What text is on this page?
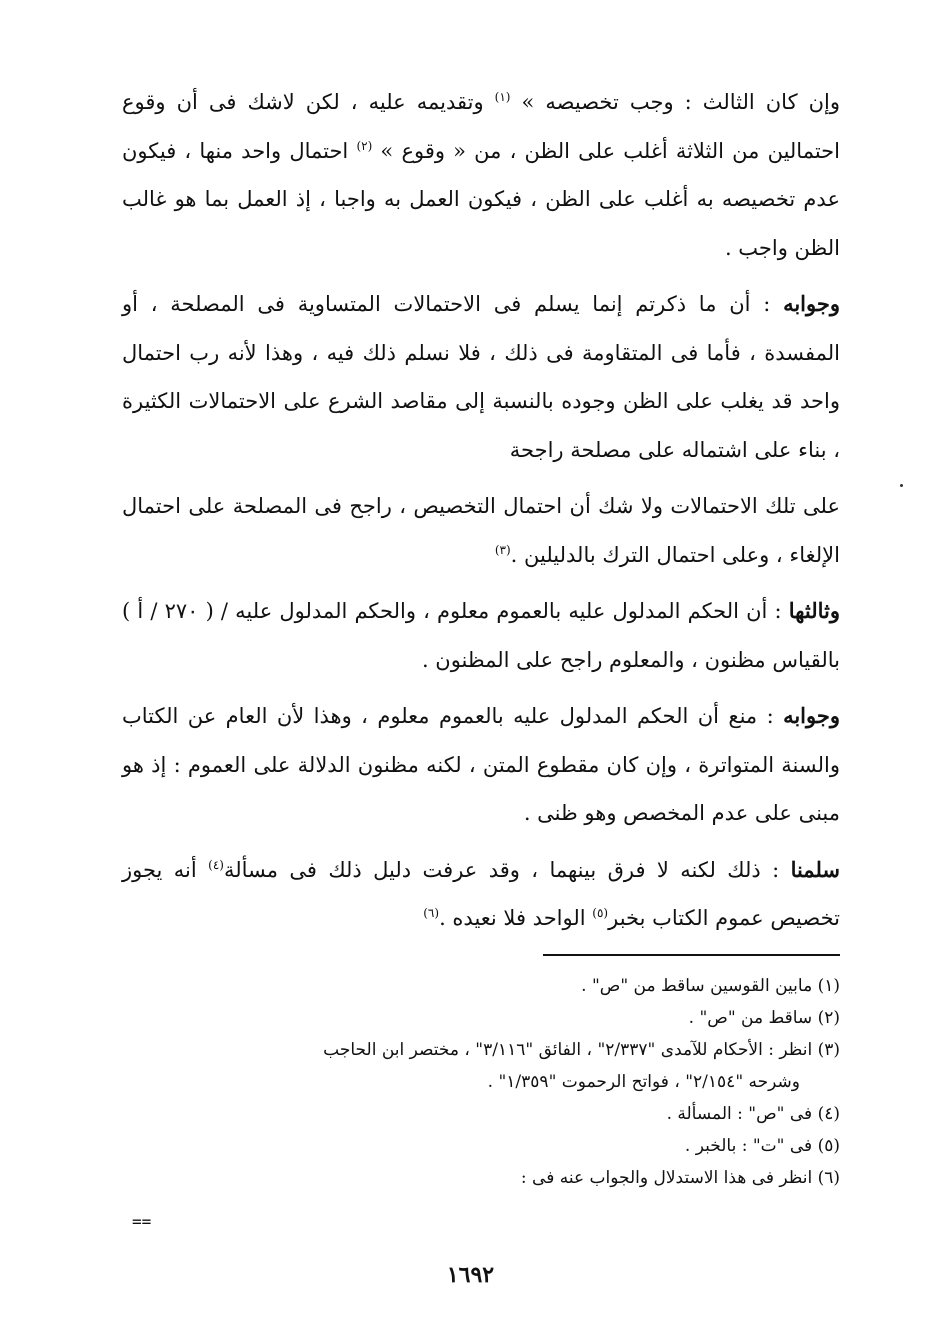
وإن كان الثالث : وجب تخصيصه » $^{(١)}$ وتقديمه عليه ، لكن لاشك فى أن وقوع احتمالين من الثلاثة أغلب على الظن ، من « وقوع » $^{(٢)}$ احتمال واحد منها ، فيكون عدم تخصيصه به أغلب على الظن ، فيكون العمل به واجبا ، إذ العمل بما هو غالب الظن واجب .

وجوابه : أن ما ذكرتم إنما يسلم فى الاحتمالات المتساوية فى المصلحة ، أو المفسدة ، فأما فى المتقاومة فى ذلك ، فلا نسلم ذلك فيه ، وهذا لأنه رب احتمال واحد قد يغلب على الظن وجوده بالنسبة إلى مقاصد الشرع على الاحتمالات الكثيرة ، بناء على اشتماله على مصلحة راجحة

على تلك الاحتمالات ولا شك أن احتمال التخصيص ، راجح فى المصلحة على احتمال الإلغاء ، وعلى احتمال الترك بالدليلين .$^{(٣)}$

وثالثها : أن الحكم المدلول عليه بالعموم معلوم ، والحكم المدلول عليه / ( ٢٧٠ / أ ) بالقياس مظنون ، والمعلوم راجح على المظنون .

وجوابه : منع أن الحكم المدلول عليه بالعموم معلوم ، وهذا لأن العام عن الكتاب والسنة المتواترة ، وإن كان مقطوع المتن ، لكنه مظنون الدلالة على العموم : إذ هو مبنى على عدم المخصص وهو ظنى .

سلمنا : ذلك لكنه لا فرق بينهما ، وقد عرفت دليل ذلك فى مسألة$^{(٤)}$ أنه يجوز تخصيص عموم الكتاب بخبر$^{(٥)}$ الواحد فلا نعيده .$^{(٦)}$

(١) مابين القوسين ساقط من "ص" .

(٢) ساقط من "ص" .

(٣) انظر : الأحكام للآمدى "٢/٣٣٧" ، الفائق "٣/١١٦" ، مختصر ابن الحاجب

وشرحه "٢/١٥٤" ، فواتح الرحموت "١/٣٥٩" .

(٤) فى "ص" : المسألة .

(٥) فى "ت" : بالخبر .

(٦) انظر فى هذا الاستدلال والجواب عنه فى :

==
١٦٩٢
